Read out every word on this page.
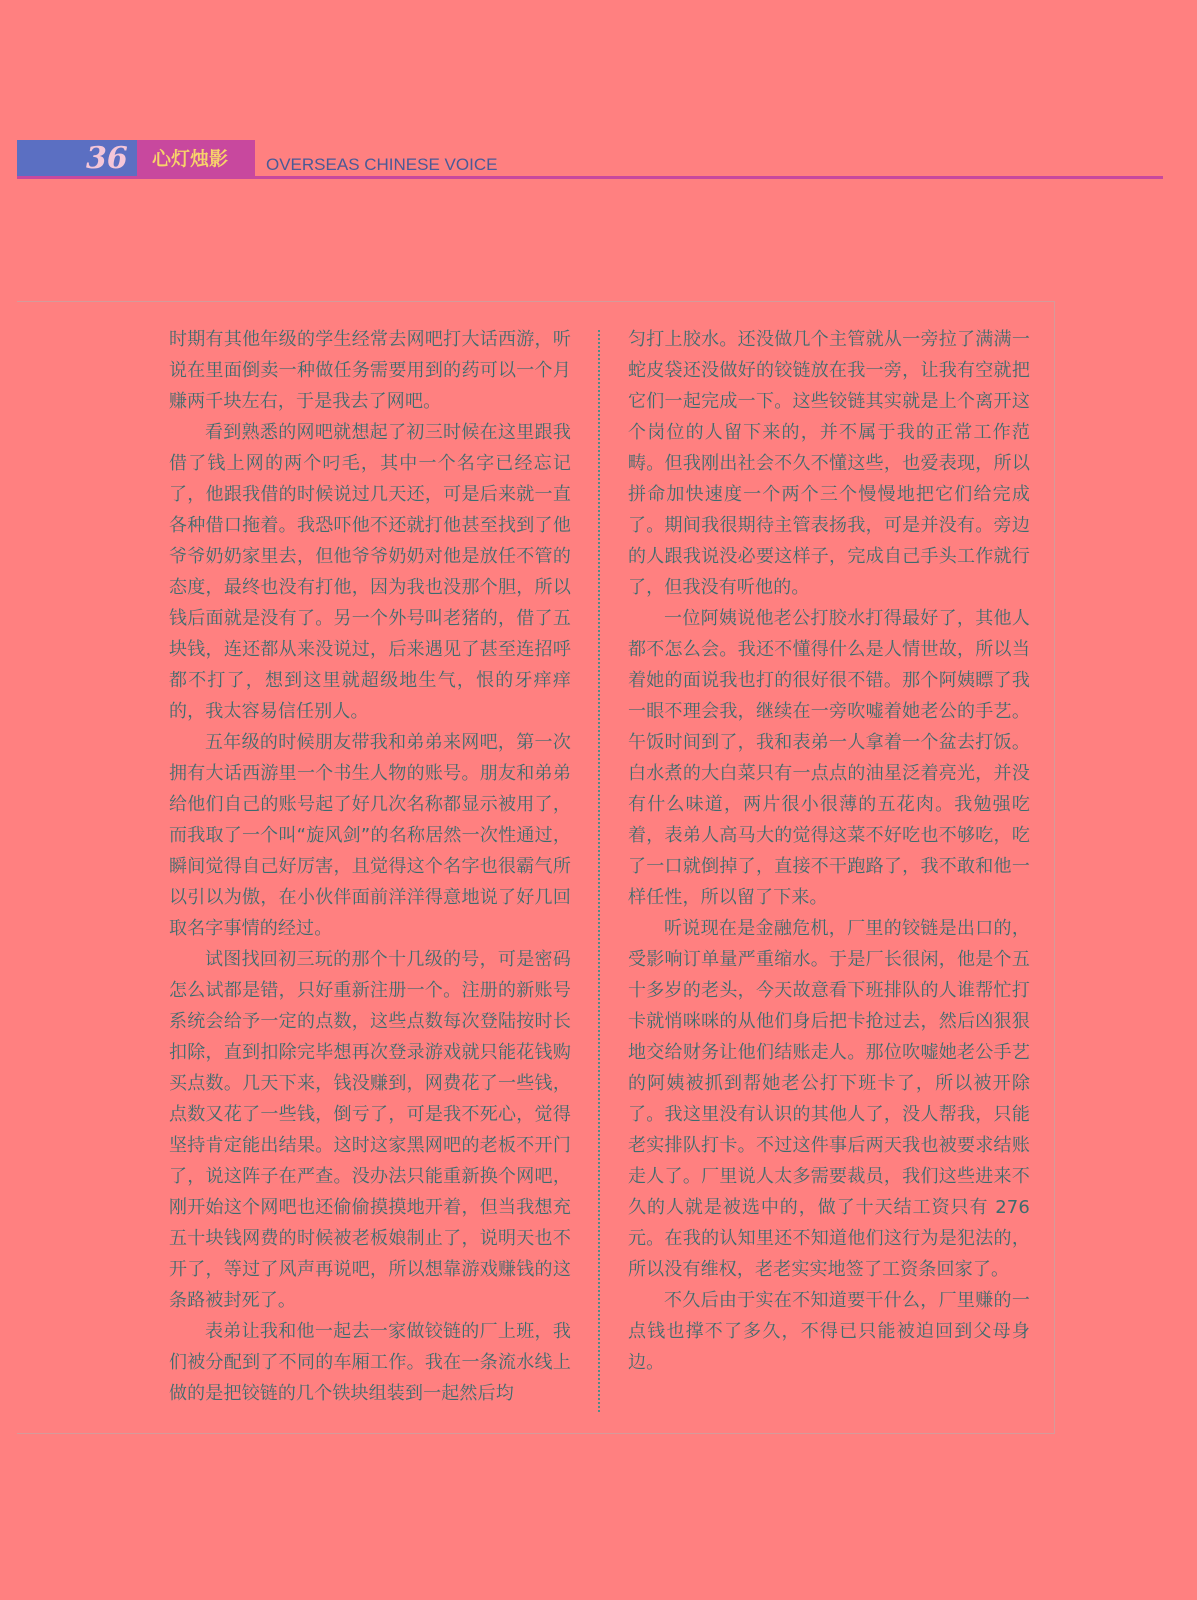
36 心灯烛影 OVERSEAS CHINESE VOICE

时期有其他年级的学生经常去网吧打大话西游，听说在里面倒卖一种做任务需要用到的药可以一个月赚两千块左右，于是我去了网吧。

看到熟悉的网吧就想起了初三时候在这里跟我借了钱上网的两个叼毛，其中一个名字已经忘记了，他跟我借的时候说过几天还，可是后来就一直各种借口拖着。我恐吓他不还就打他甚至找到了他爷爷奶奶家里去，但他爷爷奶奶对他是放任不管的态度，最终也没有打他，因为我也没那个胆，所以钱后面就是没有了。另一个外号叫老猪的，借了五块钱，连还都从来没说过，后来遇见了甚至连招呼都不打了，想到这里就超级地生气，恨的牙痒痒的，我太容易信任别人。

五年级的时候朋友带我和弟弟来网吧，第一次拥有大话西游里一个书生人物的账号。朋友和弟弟给他们自己的账号起了好几次名称都显示被用了，而我取了一个叫“旋风剑”的名称居然一次性通过，瞬间觉得自己好厉害，且觉得这个名字也很霸气所以引以为傲，在小伙伴面前洋洋得意地说了好几回取名字事情的经过。

试图找回初三玩的那个十几级的号，可是密码怎么试都是错，只好重新注册一个。注册的新账号系统会给予一定的点数，这些点数每次登陆按时长扣除，直到扣除完毕想再次登录游戏就只能花钱购买点数。几天下来，钱没赚到，网费花了一些钱，点数又花了一些钱，倒亏了，可是我不死心，觉得坚持肯定能出结果。这时这家黑网吧的老板不开门了，说这阵子在严查。没办法只能重新换个网吧，刚开始这个网吧也还偷偷摸摸地开着，但当我想充五十块钱网费的时候被老板娘制止了，说明天也不开了，等过了风声再说吧，所以想靠游戏赚钱的这条路被封死了。

表弟让我和他一起去一家做铰链的厂上班，我们被分配到了不同的车厢工作。我在一条流水线上做的是把铰链的几个铁块组装到一起然后均

匀打上胶水。还没做几个主管就从一旁拉了满满一蛇皮袋还没做好的铰链放在我一旁，让我有空就把它们一起完成一下。这些铰链其实就是上个离开这个岗位的人留下来的，并不属于我的正常工作范畴。但我刚出社会不久不懂这些，也爱表现，所以拼命加快速度一个两个三个慢慢地把它们给完成了。期间我很期待主管表扬我，可是并没有。旁边的人跟我说没必要这样子，完成自己手头工作就行了，但我没有听他的。

一位阿姨说他老公打胶水打得最好了，其他人都不怎么会。我还不懂得什么是人情世故，所以当着她的面说我也打的很好很不错。那个阿姨瞟了我一眼不理会我，继续在一旁吹嘘着她老公的手艺。午饭时间到了，我和表弟一人拿着一个盆去打饭。白水煮的大白菜只有一点点的油星泛着亮光，并没有什么味道，两片很小很薄的五花肉。我勉强吃着，表弟人高马大的觉得这菜不好吃也不够吃，吃了一口就倒掉了，直接不干跑路了，我不敢和他一样任性，所以留了下来。

听说现在是金融危机，厂里的铰链是出口的，受影响订单量严重缩水。于是厂长很闲，他是个五十多岁的老头，今天故意看下班排队的人谁帮忙打卡就悄咪咪的从他们身后把卡抢过去，然后凶狠狠地交给财务让他们结账走人。那位吹嘘她老公手艺的阿姨被抓到帮她老公打下班卡了，所以被开除了。我这里没有认识的其他人了，没人帮我，只能老实排队打卡。不过这件事后两天我也被要求结账走人了。厂里说人太多需要裁员，我们这些进来不久的人就是被选中的，做了十天结工资只有 276 元。在我的认知里还不知道他们这行为是犯法的，所以没有维权，老老实实地签了工资条回家了。

不久后由于实在不知道要干什么，厂里赚的一点钱也撑不了多久，不得已只能被迫回到父母身边。
